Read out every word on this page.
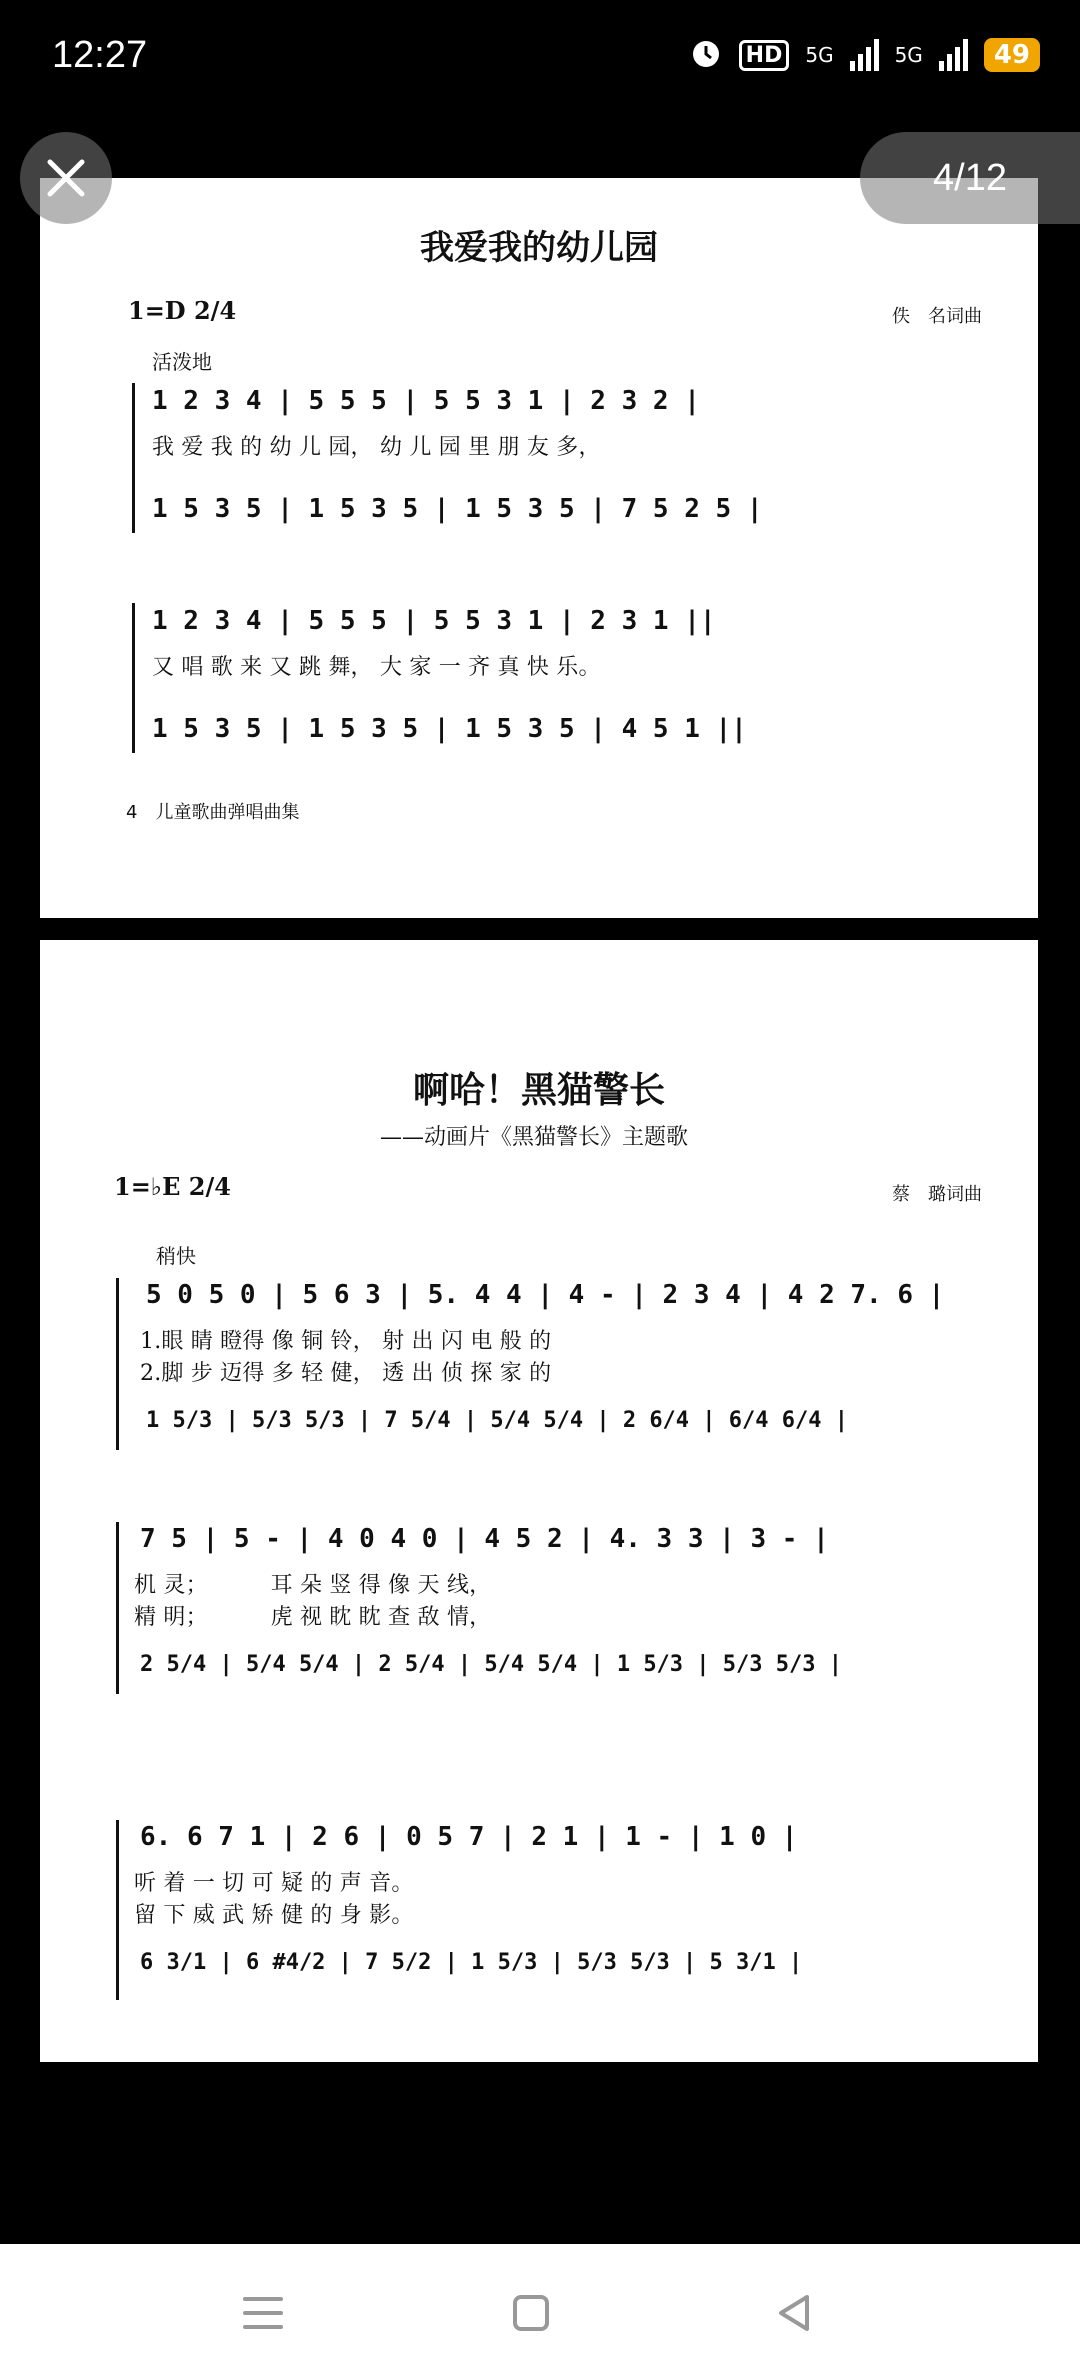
12:27	HD	5G	5G	49
4/12
我爱我的幼儿园
1=D 2/4	佚　名词曲
活泼地
1 2 3 4 | 5 5 5 | 5 5 3 1 | 2 3 2 |
我 爱 我 的 幼 儿 园， 幼 儿 园 里 朋 友 多，
1 5 3 5 | 1 5 3 5 | 1 5 3 5 | 7 5 2 5 |
1 2 3 4 | 5 5 5 | 5 5 3 1 | 2 3 1 ||
又 唱 歌 来 又 跳 舞， 大 家 一 齐 真 快 乐。
1 5 3 5 | 1 5 3 5 | 1 5 3 5 | 4 5 1 ||
4　儿童歌曲弹唱曲集
啊哈！黑猫警长
——动画片《黑猫警长》主题歌
1=♭E 2/4	蔡　璐词曲
稍快
5 0 5 0 | 5 6 3 | 5. 4 4 | 4 - | 2 3 4 | 4 2 7. 6 |
1.眼 睛 瞪得 像 铜 铃， 射 出 闪 电 般 的
2.脚 步 迈得 多 轻 健， 透 出 侦 探 家 的
1 5/3 | 5/3 5/3 | 7 5/4 | 5/4 5/4 | 2 6/4 | 6/4 6/4 |
7 5 | 5 - | 4 0 4 0 | 4 5 2 | 4. 3 3 | 3 - |
机 灵；　　　 耳 朵 竖 得 像 天 线，
精 明；　　　 虎 视 眈 眈 查 敌 情，
2 5/4 | 5/4 5/4 | 2 5/4 | 5/4 5/4 | 1 5/3 | 5/3 5/3 |
6. 6 7 1 | 2 6 | 0 5 7 | 2 1 | 1 - | 1 0 |
听 着 一 切 可 疑 的 声 音。
留 下 威 武 矫 健 的 身 影。
6 3/1 | 6 #4/2 | 7 5/2 | 1 5/3 | 5/3 5/3 | 5 3/1 |
